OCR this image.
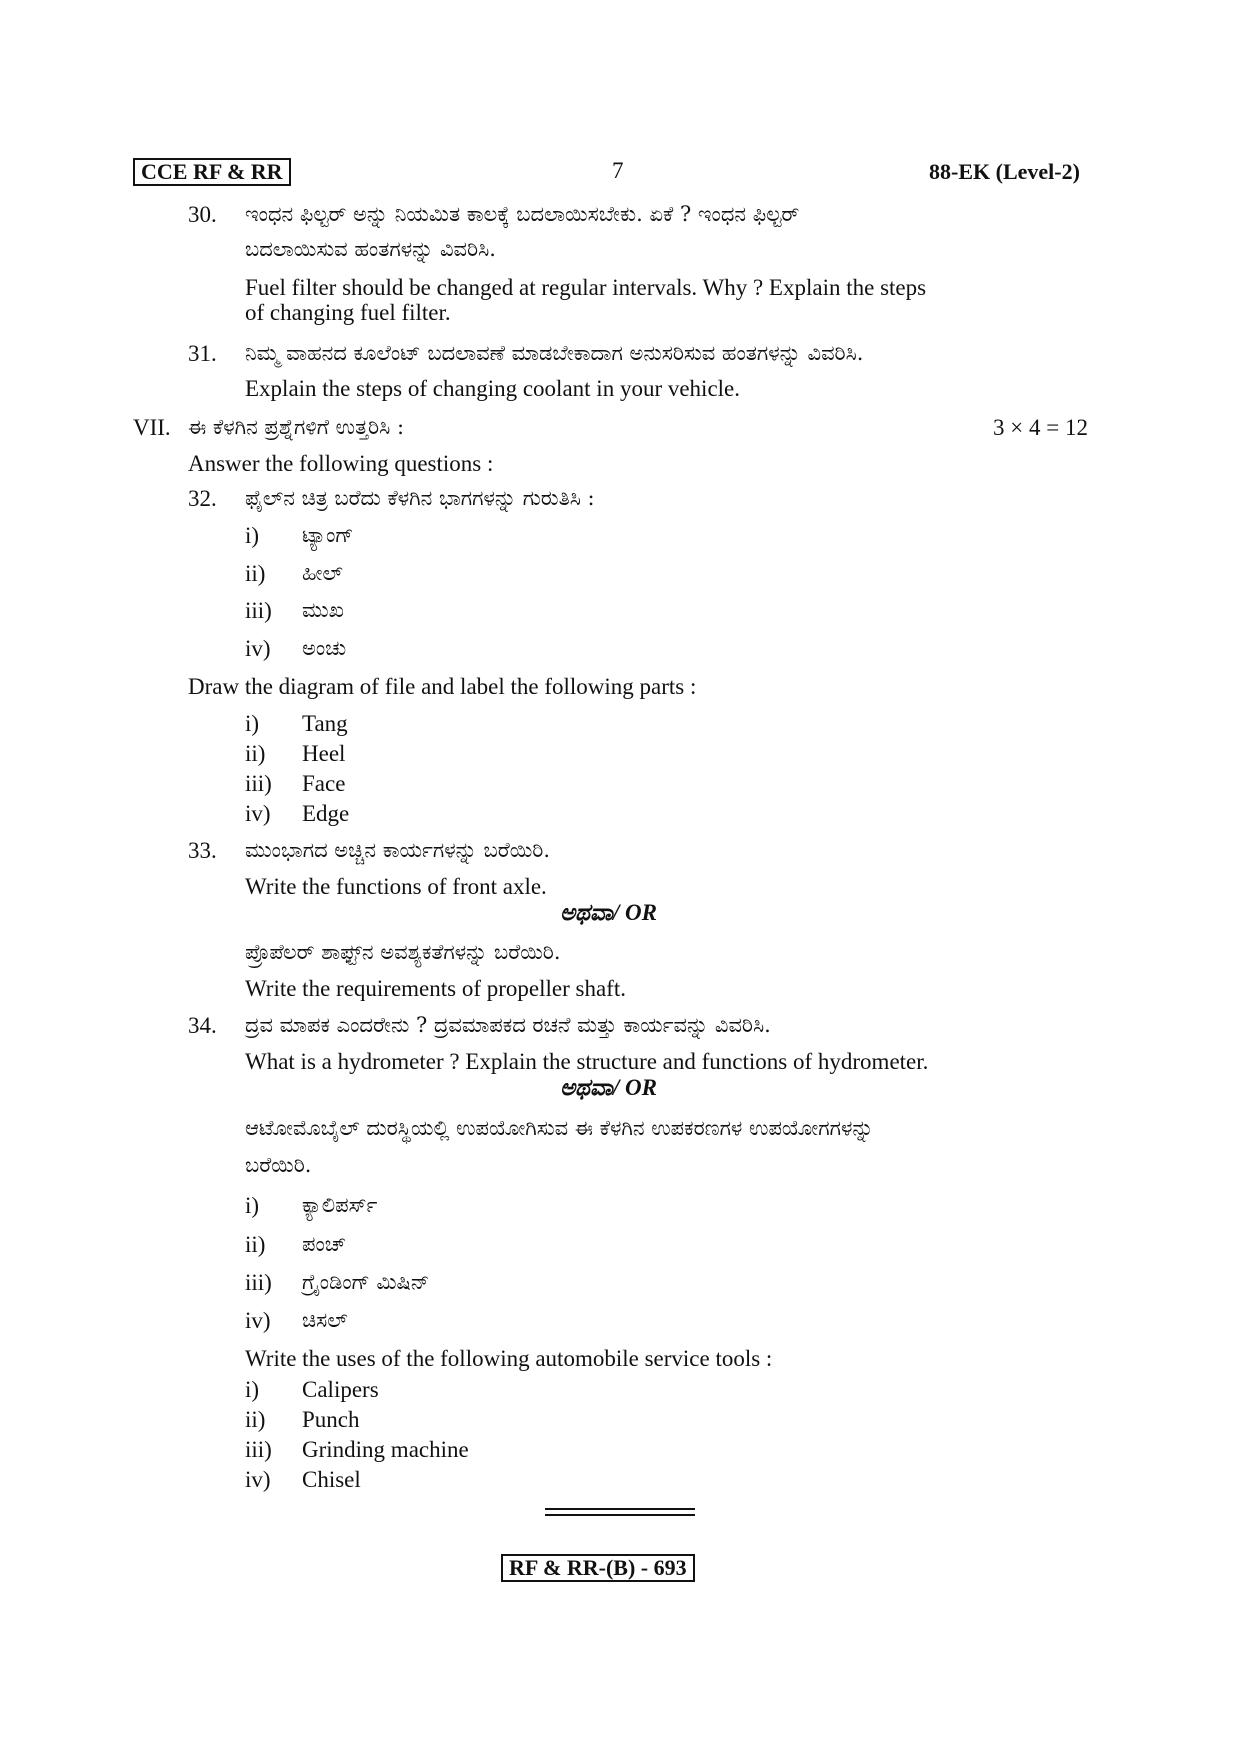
CCE RF & RR	7	88-EK (Level-2)
30. ಇಂಧನ ಫಿಲ್ಟರ್ ಅನ್ನು ನಿಯಮಿತ ಕಾಲಕ್ಕೆ ಬದಲಾಯಿಸಬೇಕು. ಏಕೆ ? ಇಂಧನ ಫಿಲ್ಟರ್
ಬದಲಾಯಿಸುವ ಹಂತಗಳನ್ನು ವಿವರಿಸಿ.
Fuel filter should be changed at regular intervals. Why ? Explain the steps
of changing fuel filter.
31. ನಿಮ್ಮ ವಾಹನದ ಕೂಲೆಂಟ್ ಬದಲಾವಣೆ ಮಾಡಬೇಕಾದಾಗ ಅನುಸರಿಸುವ ಹಂತಗಳನ್ನು ವಿವರಿಸಿ.
Explain the steps of changing coolant in your vehicle.
VII. ಈ ಕೆಳಗಿನ ಪ್ರಶ್ನೆಗಳಿಗೆ ಉತ್ತರಿಸಿ :	3 × 4 = 12
Answer the following questions :
32. ಫೈಲ್‌ನ ಚಿತ್ರ ಬರೆದು ಕೆಳಗಿನ ಭಾಗಗಳನ್ನು ಗುರುತಿಸಿ :
i) ಟ್ಯಾಂಗ್
ii) ಹೀಲ್
iii) ಮುಖ
iv) ಅಂಚು
Draw the diagram of file and label the following parts :
i) Tang
ii) Heel
iii) Face
iv) Edge
33. ಮುಂಭಾಗದ ಅಚ್ಚಿನ ಕಾರ್ಯಗಳನ್ನು ಬರೆಯಿರಿ.
Write the functions of front axle.
ಅಥವಾ/ OR
ಪ್ರೊಪೆಲರ್ ಶಾಫ್ಟ್‌ನ ಅವಶ್ಯಕತೆಗಳನ್ನು ಬರೆಯಿರಿ.
Write the requirements of propeller shaft.
34. ದ್ರವ ಮಾಪಕ ಎಂದರೇನು ? ದ್ರವಮಾಪಕದ ರಚನೆ ಮತ್ತು ಕಾರ್ಯವನ್ನು ವಿವರಿಸಿ.
What is a hydrometer ? Explain the structure and functions of hydrometer.
ಅಥವಾ/ OR
ಆಟೋಮೊಬೈಲ್ ದುರಸ್ಥಿಯಲ್ಲಿ ಉಪಯೋಗಿಸುವ ಈ ಕೆಳಗಿನ ಉಪಕರಣಗಳ ಉಪಯೋಗಗಳನ್ನು
ಬರೆಯಿರಿ.
i) ಕ್ಯಾಲಿಪರ್ಸ್
ii) ಪಂಚ್
iii) ಗ್ರೈಂಡಿಂಗ್ ಮಿಷಿನ್
iv) ಚಿಸಲ್
Write the uses of the following automobile service tools :
i) Calipers
ii) Punch
iii) Grinding machine
iv) Chisel
RF & RR-(B) - 693
